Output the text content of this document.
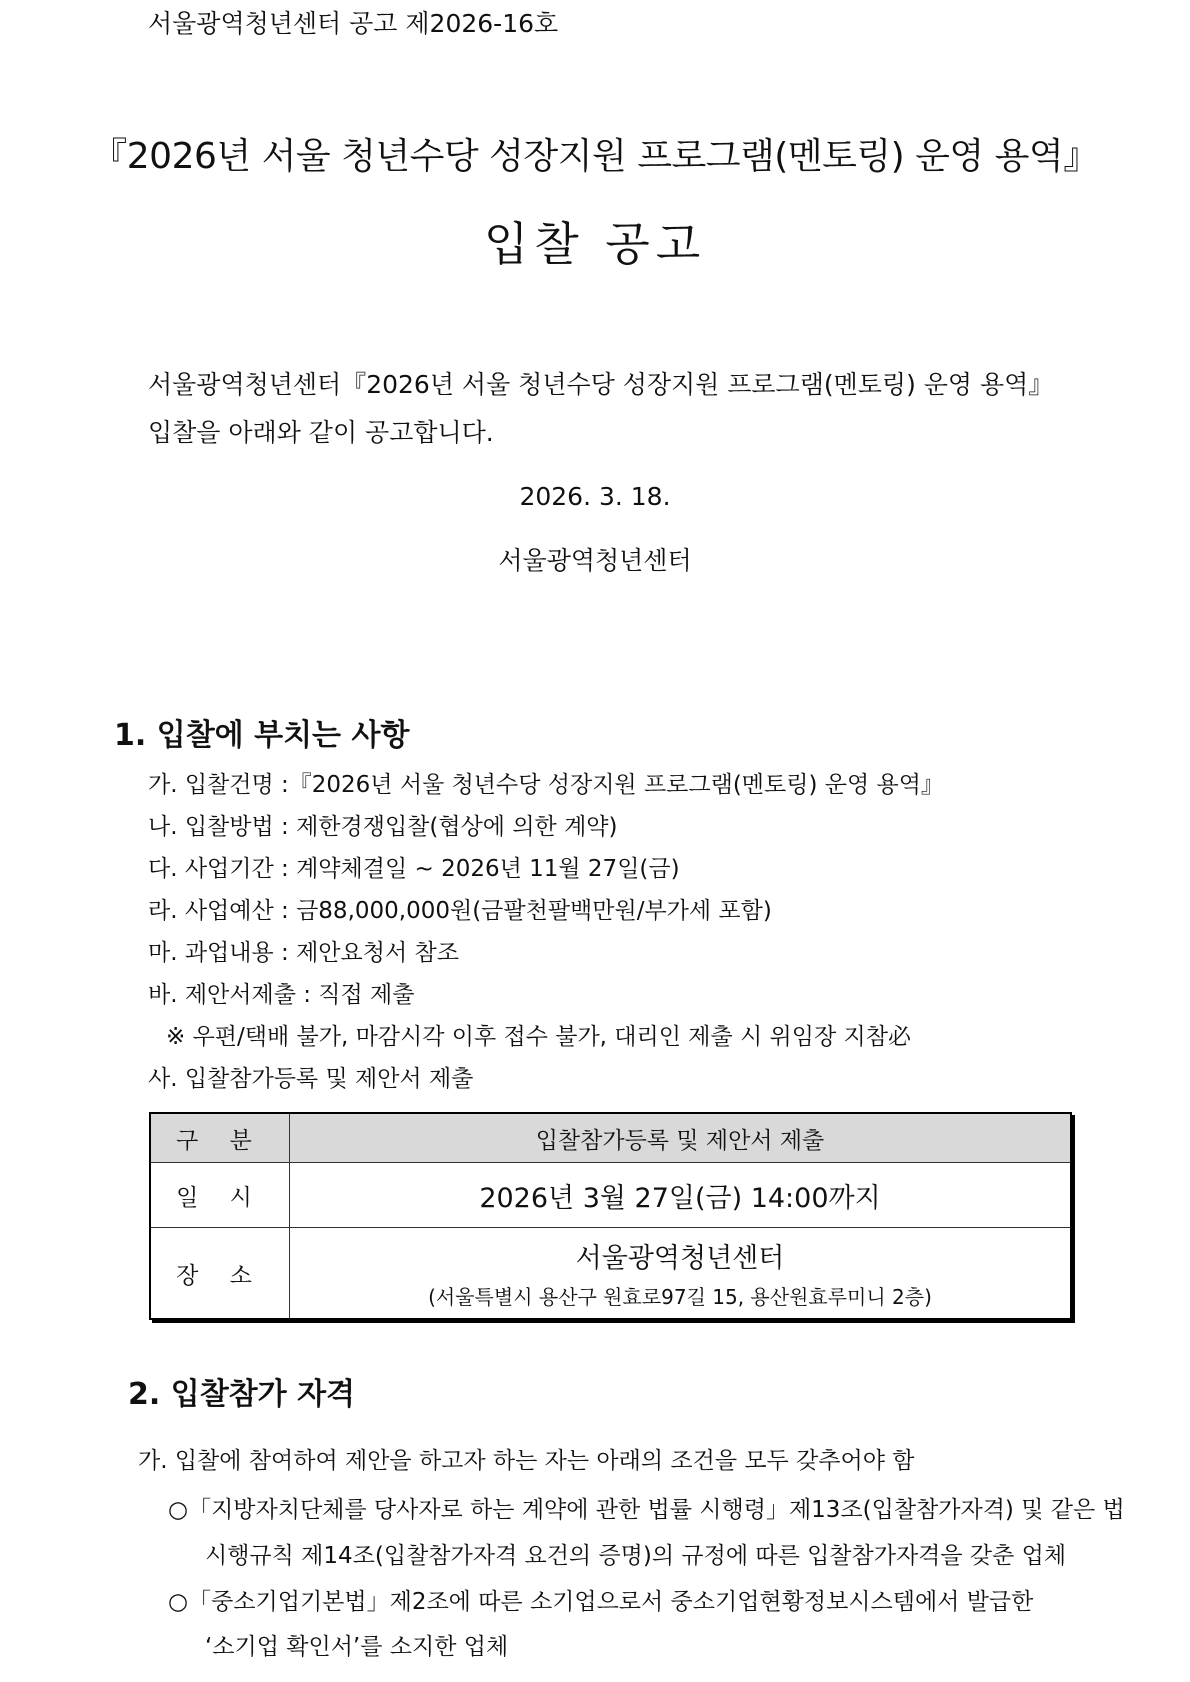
서울광역청년센터 공고 제2026-16호
『2026년 서울 청년수당 성장지원 프로그램(멘토링) 운영 용역』
입찰 공고
서울광역청년센터『2026년 서울 청년수당 성장지원 프로그램(멘토링) 운영 용역』
입찰을 아래와 같이 공고합니다.
2026. 3. 18.
서울광역청년센터
1. 입찰에 부치는 사항
가. 입찰건명 :『2026년 서울 청년수당 성장지원 프로그램(멘토링) 운영 용역』
나. 입찰방법 : 제한경쟁입찰(협상에 의한 계약)
다. 사업기간 : 계약체결일 ~ 2026년 11월 27일(금)
라. 사업예산 : 금88,000,000원(금팔천팔백만원/부가세 포함)
마. 과업내용 : 제안요청서 참조
바. 제안서제출 : 직접 제출
※ 우편/택배 불가, 마감시각 이후 접수 불가, 대리인 제출 시 위임장 지참必
사. 입찰참가등록 및 제안서 제출
구 분	입찰참가등록 및 제안서 제출
일 시	2026년 3월 27일(금) 14:00까지
장 소	서울광역청년센터
(서울특별시 용산구 원효로97길 15, 용산원효루미니 2층)
2. 입찰참가 자격
가. 입찰에 참여하여 제안을 하고자 하는 자는 아래의 조건을 모두 갖추어야 함
○「지방자치단체를 당사자로 하는 계약에 관한 법률 시행령」제13조(입찰참가자격) 및 같은 법
시행규칙 제14조(입찰참가자격 요건의 증명)의 규정에 따른 입찰참가자격을 갖춘 업체
○「중소기업기본법」제2조에 따른 소기업으로서 중소기업현황정보시스템에서 발급한
‘소기업 확인서’를 소지한 업체
